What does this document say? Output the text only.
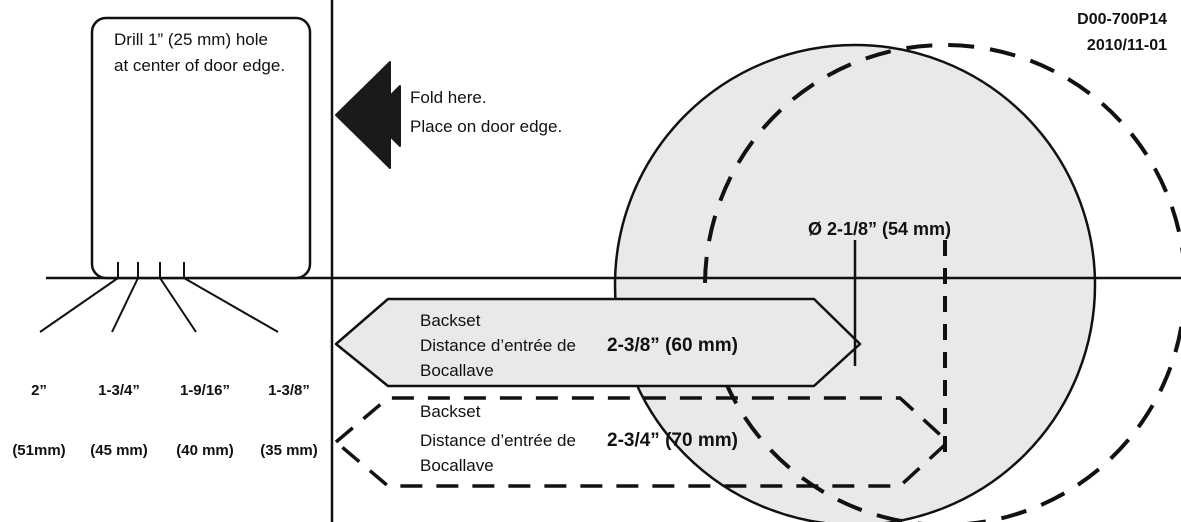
D00-700P14
2010/11-01
Drill 1” (25 mm) hole
at center of door edge.
Fold here.
Place on door edge.

2”

(51mm)

1-3/4”

(45 mm)

1-9/16”

(40 mm)

1-3/8”

(35 mm)

Ø 2-1/8” (54 mm)
Backset
Distance d’entrée de
Bocallave
2-3/8” (60 mm)
Backset
Distance d’entrée de
Bocallave
2-3/4” (70 mm)
